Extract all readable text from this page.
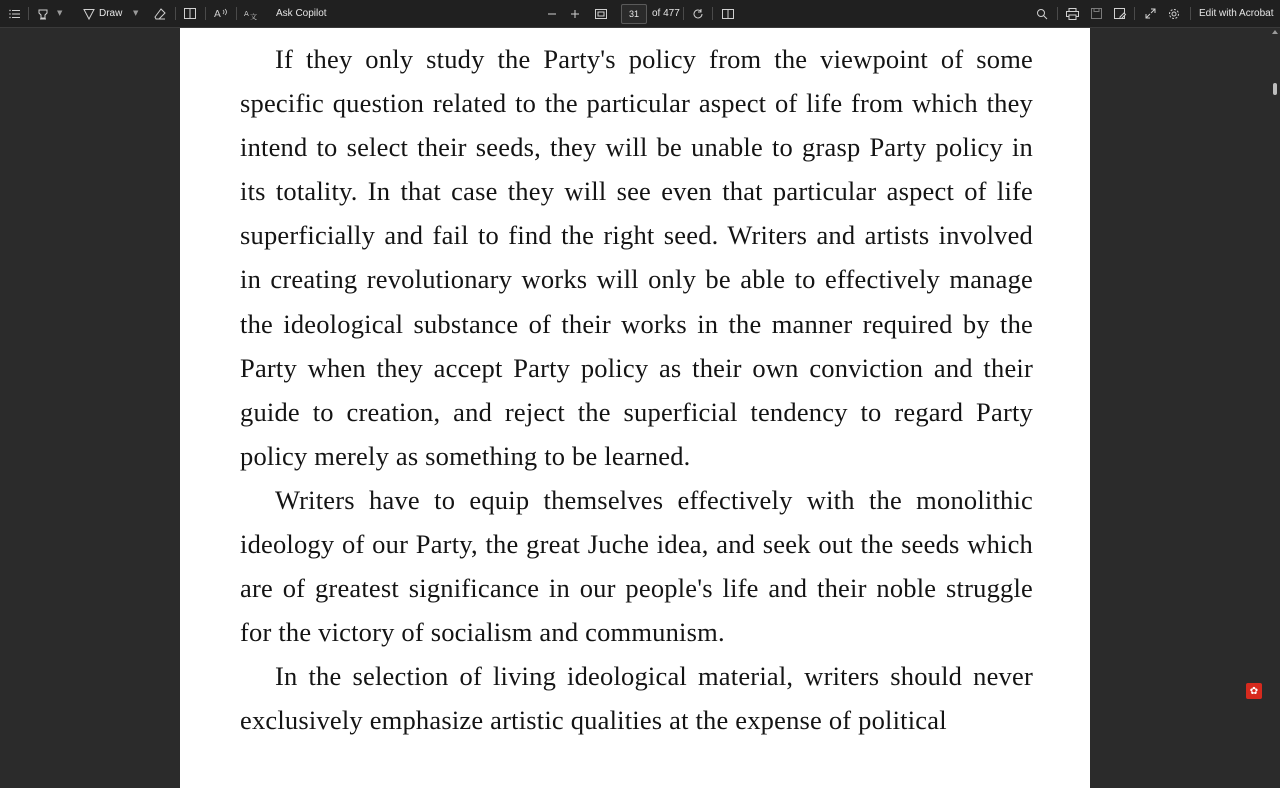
▼	Draw ▼	A	A 文 Ask Copilot	31	of 477	Edit with Acrobat

If they only study the Party's policy from the viewpoint of some specific question related to the particular aspect of life from which they intend to select their seeds, they will be unable to grasp Party policy in its totality. In that case they will see even that particular aspect of life superficially and fail to find the right seed. Writers and artists involved in creating revolutionary works will only be able to effectively manage the ideological substance of their works in the manner required by the Party when they accept Party policy as their own conviction and their guide to creation, and reject the superficial tendency to regard Party policy merely as something to be learned.

Writers have to equip themselves effectively with the monolithic ideology of our Party, the great Juche idea, and seek out the seeds which are of greatest significance in our people's life and their noble struggle for the victory of socialism and communism.

In the selection of living ideological material, writers should never exclusively emphasize artistic qualities at the expense of political

✿
